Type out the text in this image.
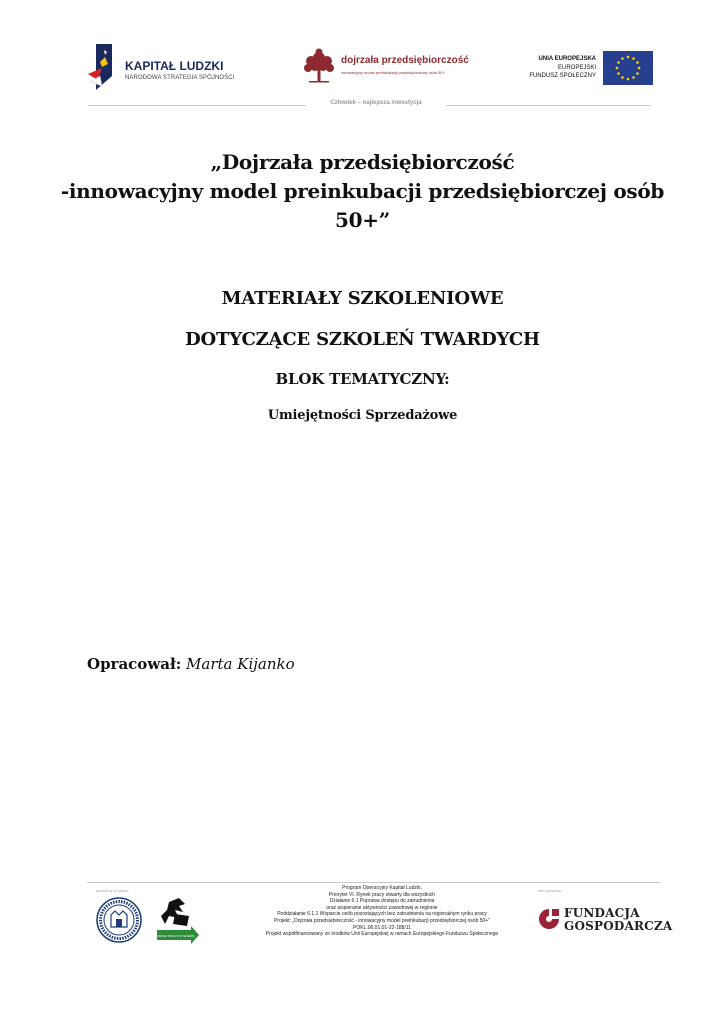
KAPITAŁ LUDZKI
NARODOWA STRATEGIA SPÓJNOŚCI
dojrzała przedsiębiorczość
innowacyjny model preinkubacji przedsiębiorczej osób 50+
UNIA EUROPEJSKA
EUROPEJSKI
FUNDUSZ SPOŁECZNY
Człowiek – najlepsza inwestycja
„Dojrzała przedsiębiorczość
-innowacyjny model preinkubacji przedsiębiorczej osób
50+”
MATERIAŁY SZKOLENIOWE
DOTYCZĄCE SZKOLEŃ TWARDYCH
BLOK TEMATYCZNY:
Umiejętności Sprzedażowe
Opracował: Marta Kijanko
partnerzy projektu:	lider projektu:
URZĄD PRACY W SKIERN
Program Operacyjny Kapitał Ludzki,
Priorytet VI. Rynek pracy otwarty dla wszystkich
Działanie 6.1 Poprawa dostępu do zatrudnienia
oraz wspieranie aktywności zawodowej w regionie
Poddziałanie 6.1.1 Wsparcie osób pozostających bez zatrudnienia na regionalnym rynku pracy
Projekt: „Dojrzała przedsiębiorczość - innowacyjny model preinkubacji przedsiębiorczej osób 50+”
POKL.06.01.01-22-188/11
Projekt współfinansowany ze środków Unii Europejskiej w ramach Europejskiego Funduszu Społecznego
FUNDACJA
GOSPODARCZA
